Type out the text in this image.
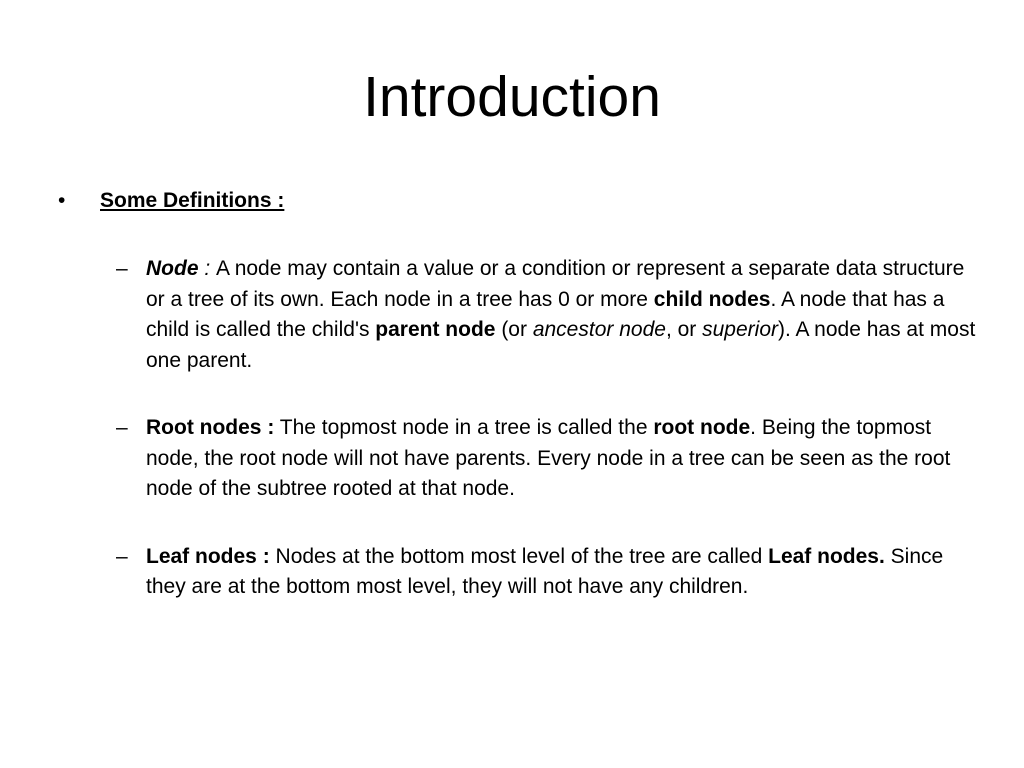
Introduction
• Some Definitions :
– Node : A node may contain a value or a condition or represent a separate data structure or a tree of its own. Each node in a tree has 0 or more child nodes. A node that has a child is called the child's parent node (or ancestor node, or superior). A node has at most one parent.
– Root nodes : The topmost node in a tree is called the root node. Being the topmost node, the root node will not have parents. Every node in a tree can be seen as the root node of the subtree rooted at that node.
– Leaf nodes : Nodes at the bottom most level of the tree are called Leaf nodes. Since they are at the bottom most level, they will not have any children.
